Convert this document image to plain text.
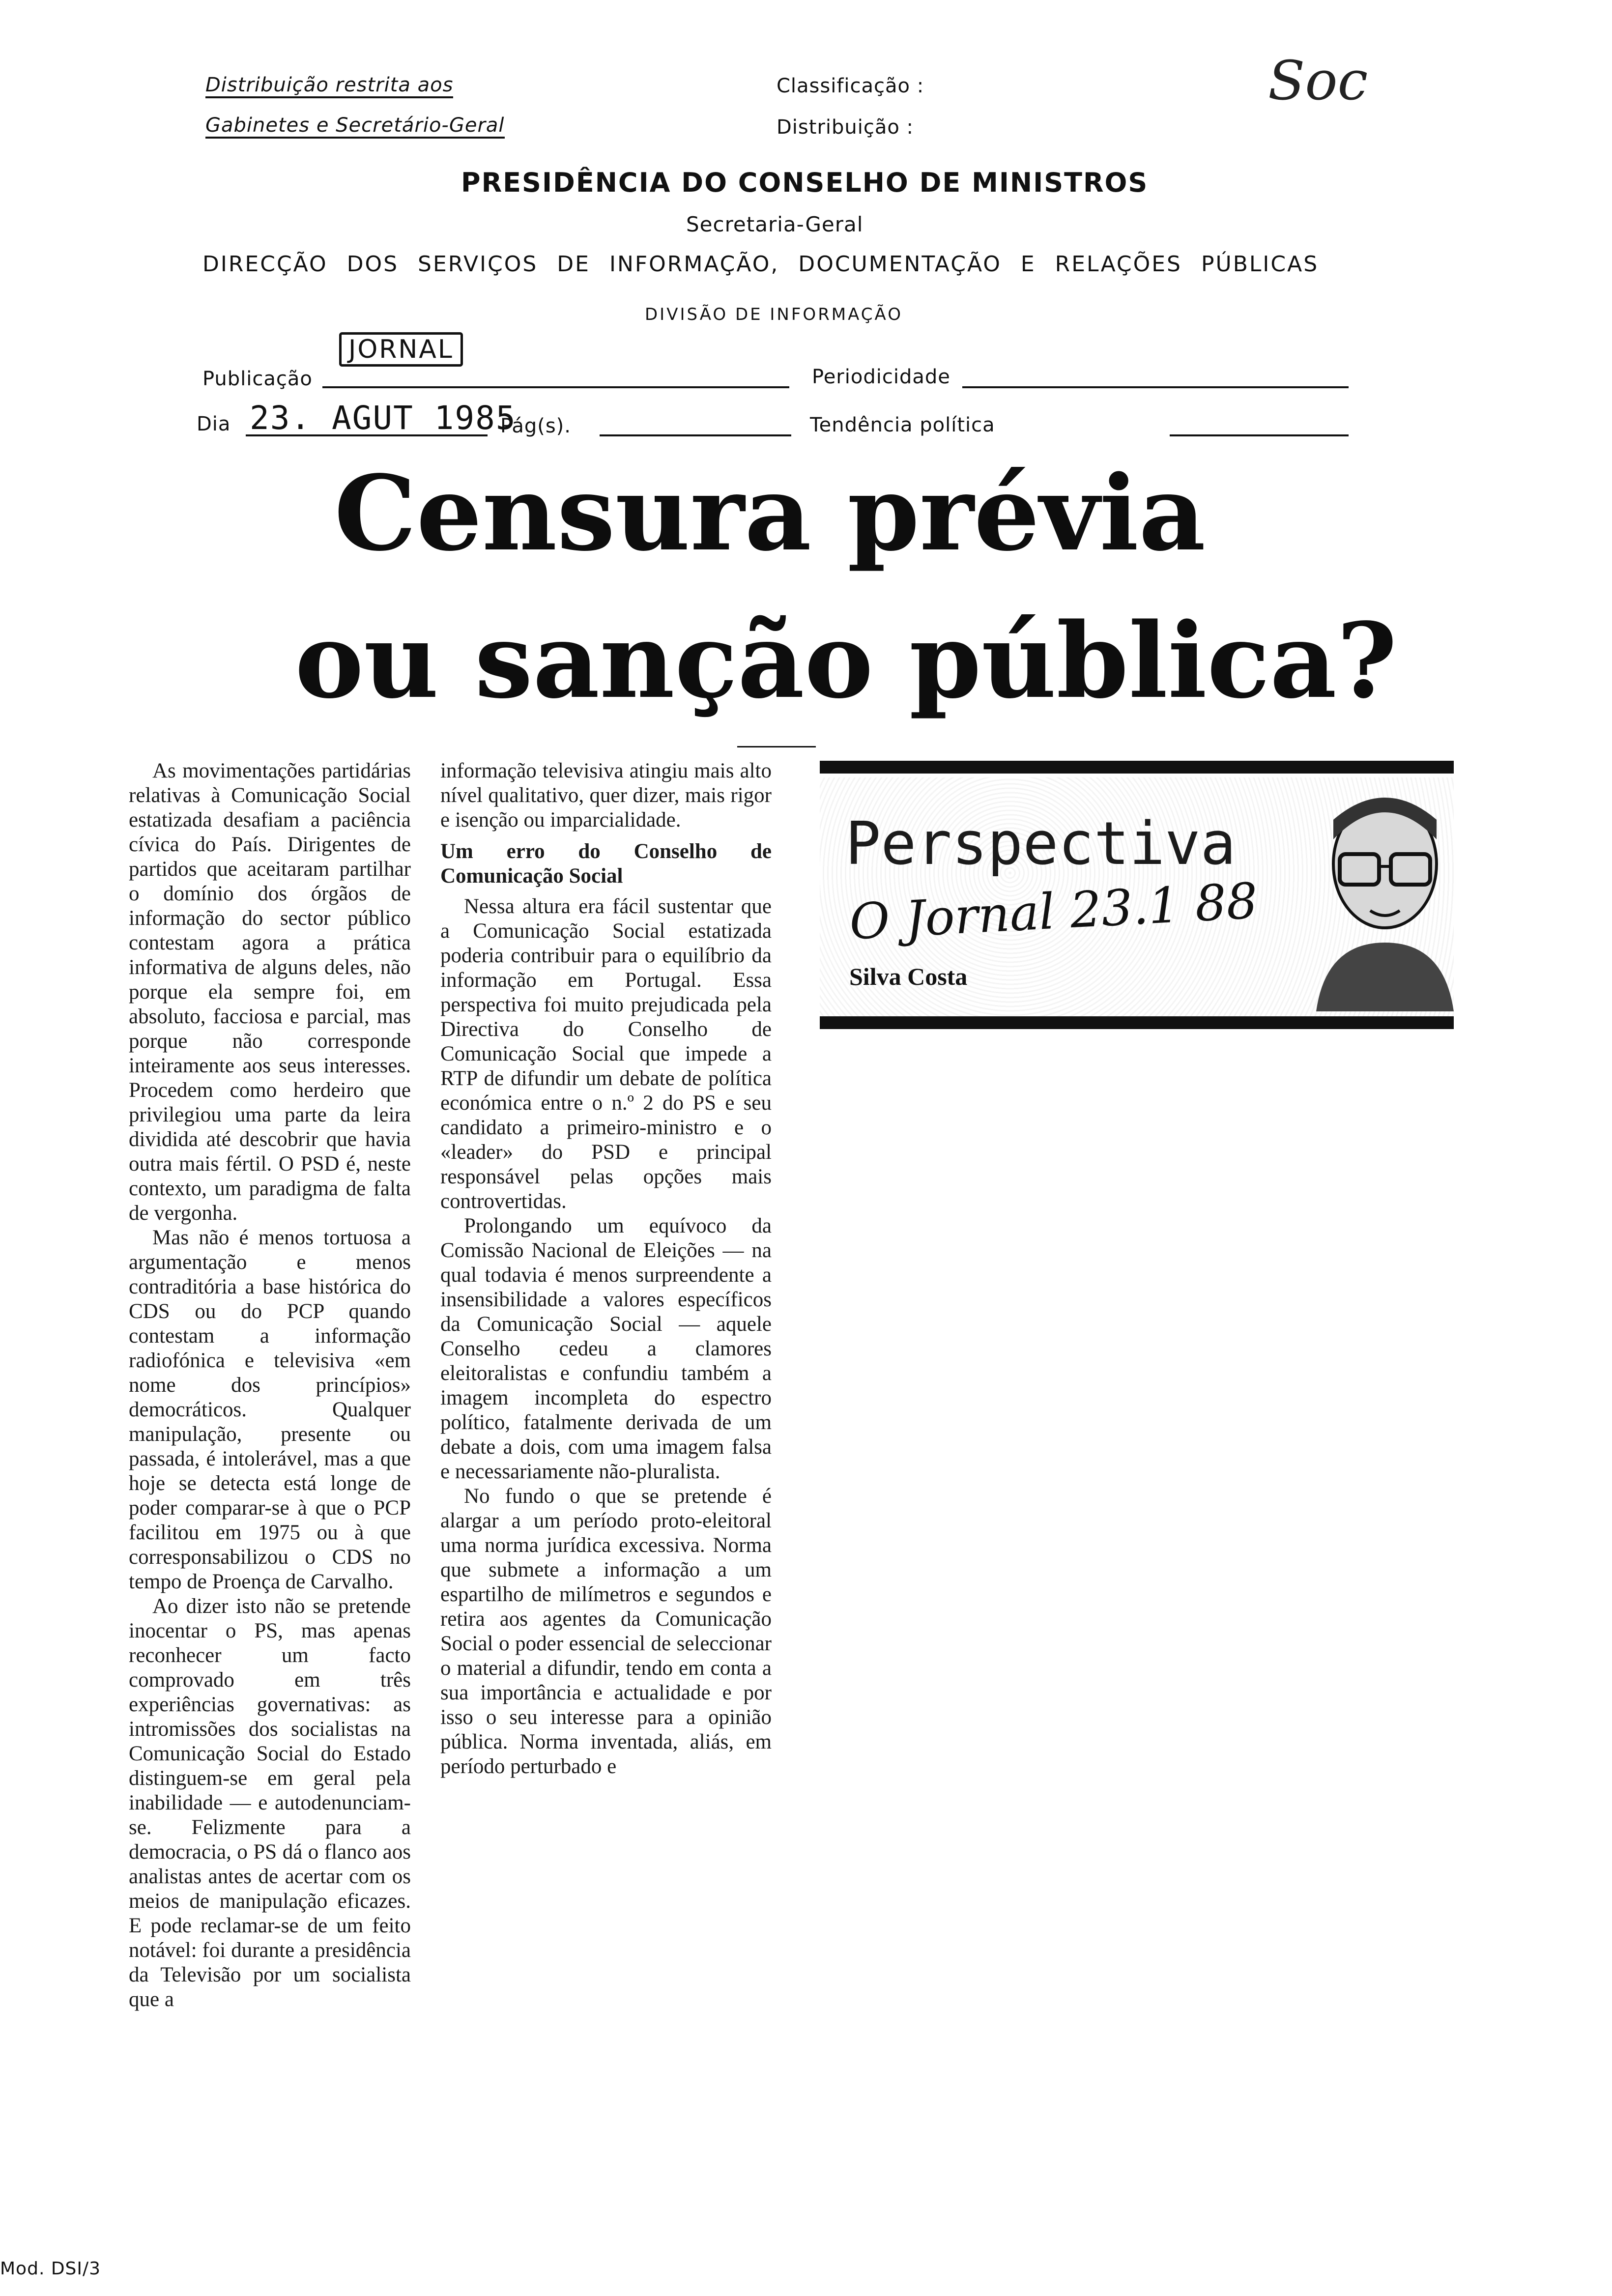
Distribuição restrita aos
Gabinetes e Secretário-Geral
Classificação :
Distribuição :
Soc
PRESIDÊNCIA DO CONSELHO DE MINISTROS
Secretaria-Geral
DIRECÇÃO DOS SERVIÇOS DE INFORMAÇÃO, DOCUMENTAÇÃO E RELAÇÕES PÚBLICAS
DIVISÃO DE INFORMAÇÃO
Publicação
JORNAL
Periodicidade
Dia 23. AGUT 1985
Pág(s).	Tendência política
Censura prévia
ou sanção pública?

As movimentações partidárias relativas à Comunicação Social estatizada desafiam a paciência cívica do País. Dirigentes de partidos que aceitaram partilhar o domínio dos órgãos de informação do sector público contestam agora a prática informativa de alguns deles, não porque ela sempre foi, em absoluto, facciosa e parcial, mas porque não corresponde inteiramente aos seus interesses. Procedem como herdeiro que privilegiou uma parte da leira dividida até descobrir que havia outra mais fértil. O PSD é, neste contexto, um paradigma de falta de vergonha.

Mas não é menos tortuosa a argumentação e menos contraditória a base histórica do CDS ou do PCP quando contestam a informação radiofónica e televisiva «em nome dos princípios» democráticos. Qualquer manipulação, presente ou passada, é intolerável, mas a que hoje se detecta está longe de poder comparar-se à que o PCP facilitou em 1975 ou à que corresponsabilizou o CDS no tempo de Proença de Carvalho.

Ao dizer isto não se pretende inocentar o PS, mas apenas reconhecer um facto comprovado em três experiências governativas: as intromissões dos socialistas na Comunicação Social do Estado distinguem-se em geral pela inabilidade — e autodenunciam-se. Felizmente para a democracia, o PS dá o flanco aos analistas antes de acertar com os meios de manipulação eficazes. E pode reclamar-se de um feito notável: foi durante a presidência da Televisão por um socialista que a

informação televisiva atingiu mais alto nível qualitativo, quer dizer, mais rigor e isenção ou imparcialidade.

Um erro do Conselho de Comunicação Social

Nessa altura era fácil sustentar que a Comunicação Social estatizada poderia contribuir para o equilíbrio da informação em Portugal. Essa perspectiva foi muito prejudicada pela Directiva do Conselho de Comunicação Social que impede a RTP de difundir um debate de política económica entre o n.º 2 do PS e seu candidato a primeiro-ministro e o «leader» do PSD e principal responsável pelas opções mais controvertidas.

Prolongando um equívoco da Comissão Nacional de Eleições — na qual todavia é menos surpreendente a insensibilidade a valores específicos da Comunicação Social — aquele Conselho cedeu a clamores eleitoralistas e confundiu também a imagem incompleta do espectro político, fatalmente derivada de um debate a dois, com uma imagem falsa e necessariamente não-pluralista.

No fundo o que se pretende é alargar a um período proto-eleitoral uma norma jurídica excessiva. Norma que submete a informação a um espartilho de milímetros e segundos e retira aos agentes da Comunicação Social o poder essencial de seleccionar o material a difundir, tendo em conta a sua importância e actualidade e por isso o seu interesse para a opinião pública. Norma inventada, aliás, em período perturbado e

Perspectiva
O Jornal 23.1 88
Silva Costa
Mod. DSI/3
